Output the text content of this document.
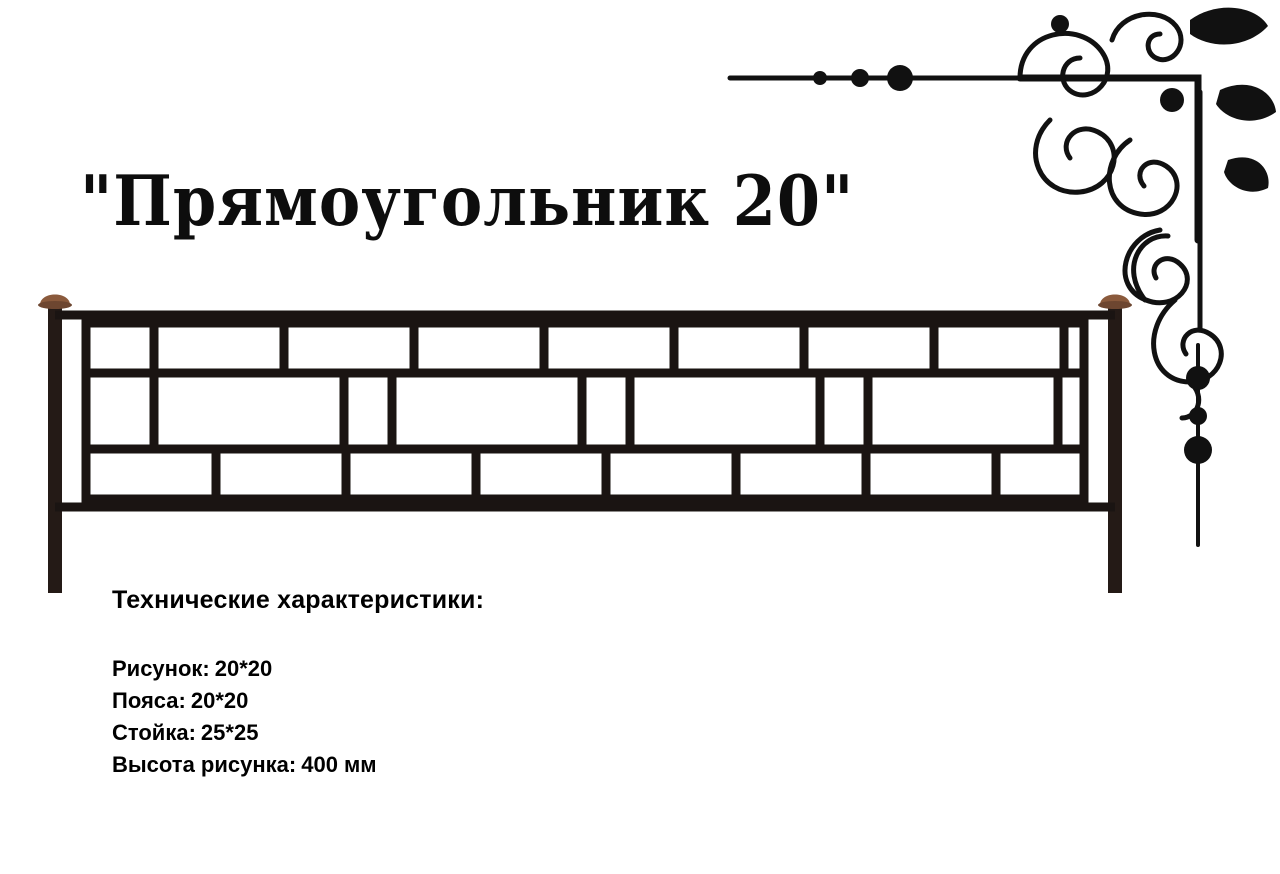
"Прямоугольник 20"
Технические характеристики:
Рисунок: 20*20
Пояса: 20*20
Стойка: 25*25
Высота рисунка: 400 мм
